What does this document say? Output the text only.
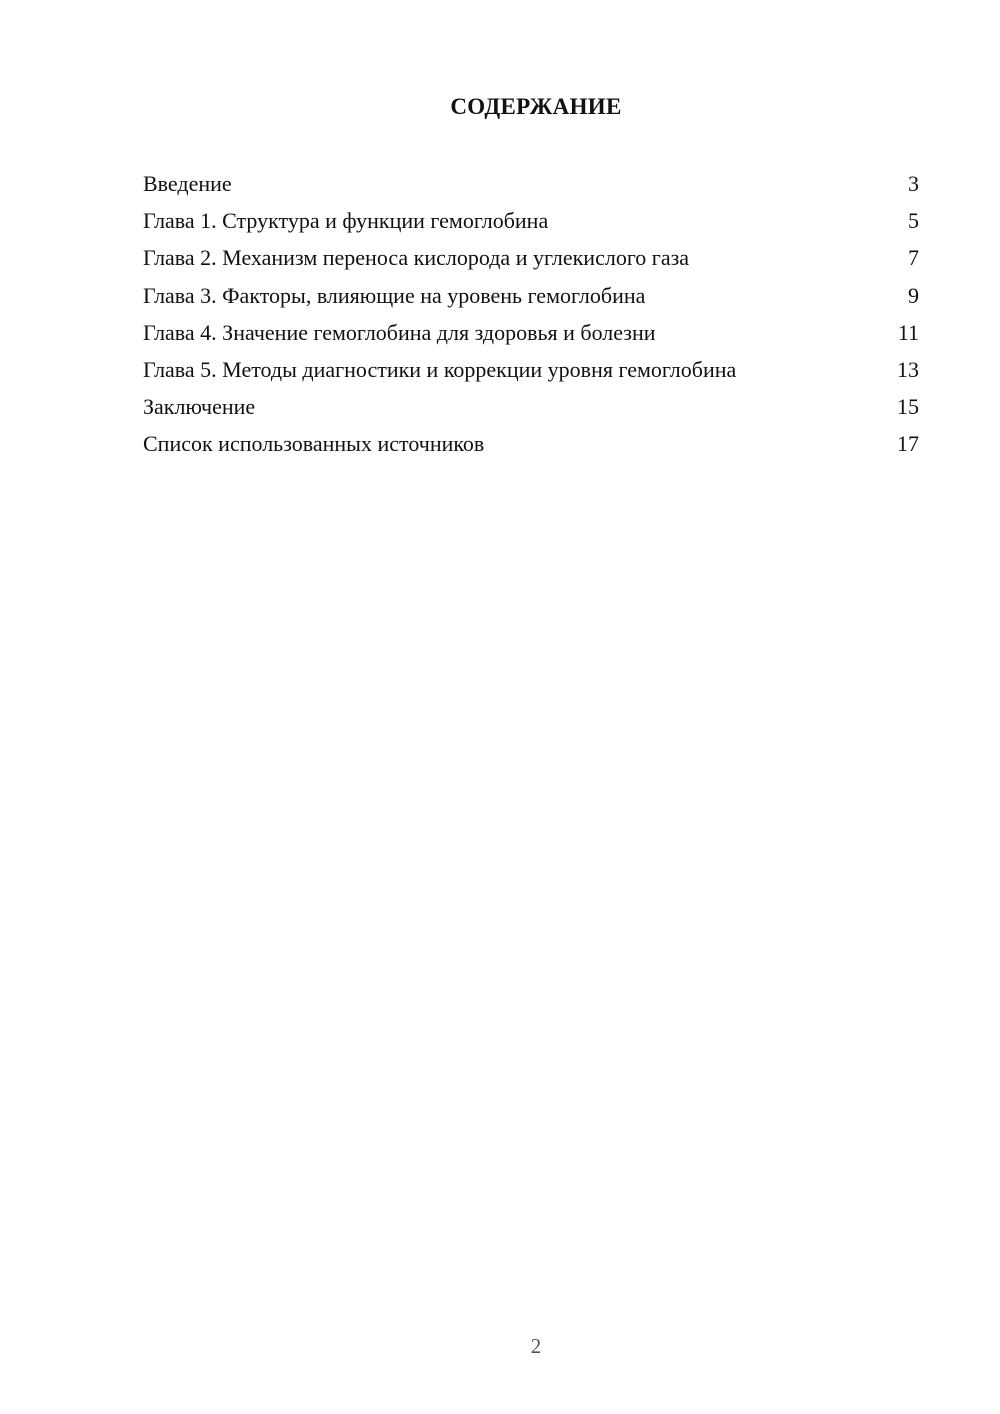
СОДЕРЖАНИЕ
Введение	3
Глава 1. Структура и функции гемоглобина	5
Глава 2. Механизм переноса кислорода и углекислого газа	7
Глава 3. Факторы, влияющие на уровень гемоглобина	9
Глава 4. Значение гемоглобина для здоровья и болезни	11
Глава 5. Методы диагностики и коррекции уровня гемоглобина	13
Заключение	15
Список использованных источников	17
2
